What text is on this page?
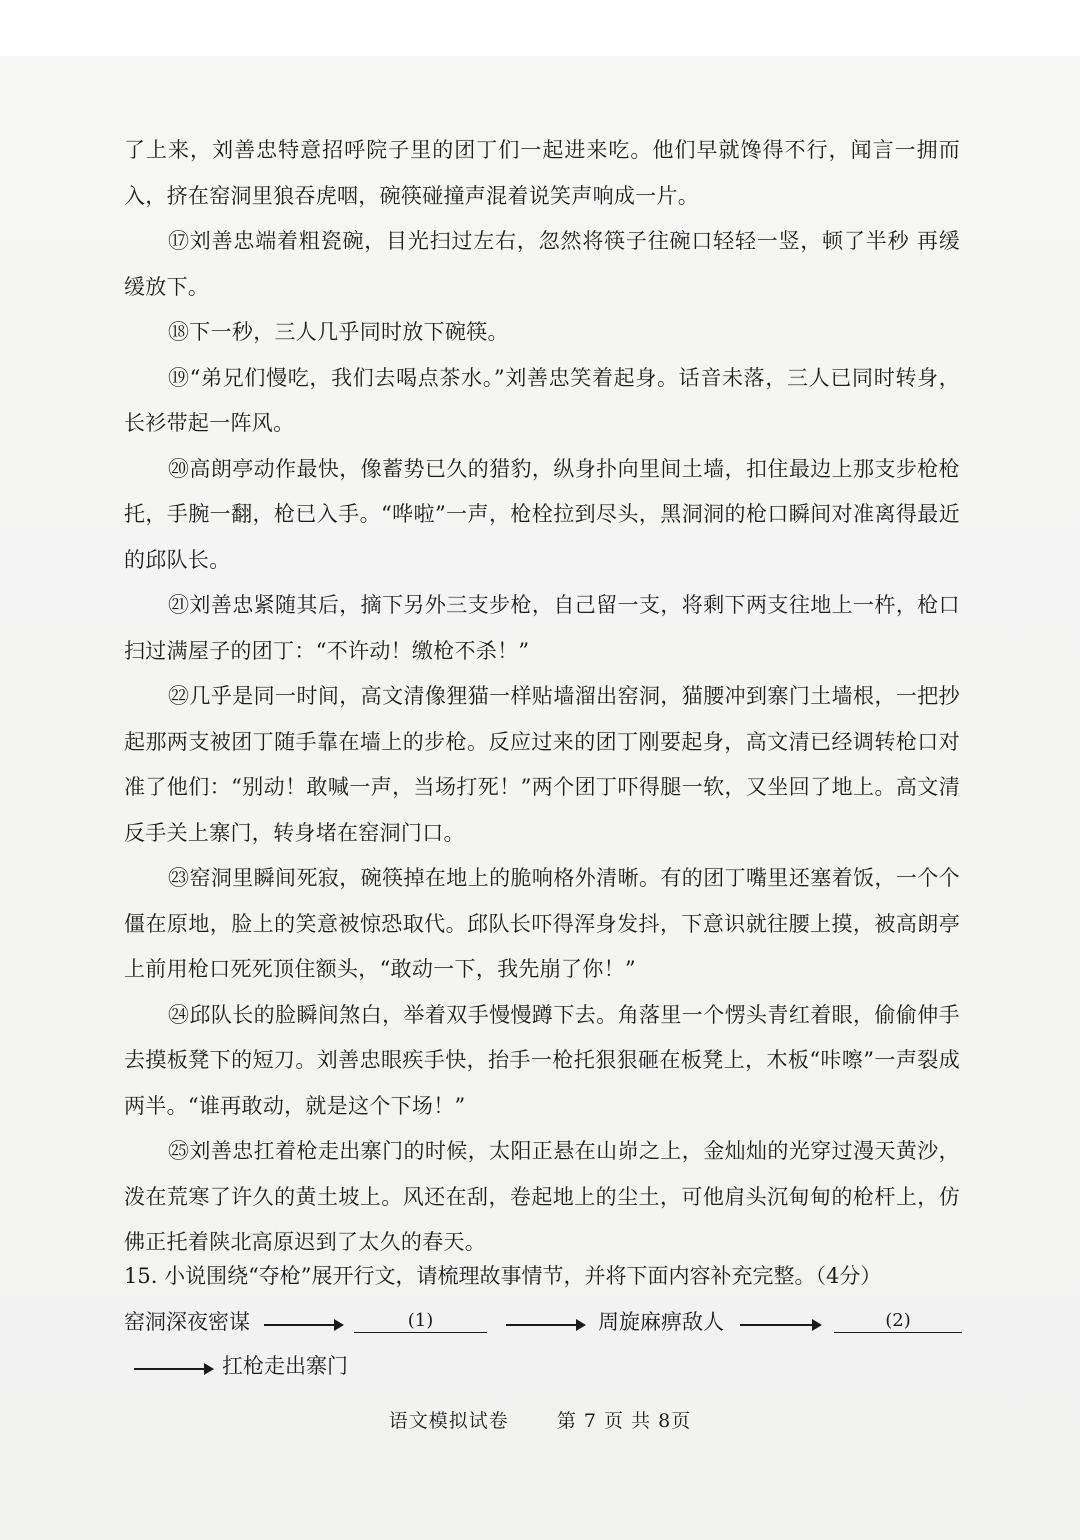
了上来，刘善忠特意招呼院子里的团丁们一起进来吃。他们早就馋得不行，闻言一拥而入，挤在窑洞里狼吞虎咽，碗筷碰撞声混着说笑声响成一片。

⑰刘善忠端着粗瓷碗，目光扫过左右，忽然将筷子往碗口轻轻一竖，顿了半秒 再缓缓放下。

⑱下一秒，三人几乎同时放下碗筷。

⑲“弟兄们慢吃，我们去喝点茶水。”刘善忠笑着起身。话音未落，三人已同时转身，长衫带起一阵风。

⑳高朗亭动作最快，像蓄势已久的猎豹，纵身扑向里间土墙，扣住最边上那支步枪枪托，手腕一翻，枪已入手。“哗啦”一声，枪栓拉到尽头，黑洞洞的枪口瞬间对准离得最近的邱队长。

㉑刘善忠紧随其后，摘下另外三支步枪，自己留一支，将剩下两支往地上一杵，枪口扫过满屋子的团丁：“不许动！缴枪不杀！”

㉒几乎是同一时间，高文清像狸猫一样贴墙溜出窑洞，猫腰冲到寨门土墙根，一把抄起那两支被团丁随手靠在墙上的步枪。反应过来的团丁刚要起身，高文清已经调转枪口对准了他们：“别动！敢喊一声，当场打死！”两个团丁吓得腿一软，又坐回了地上。高文清反手关上寨门，转身堵在窑洞门口。

㉓窑洞里瞬间死寂，碗筷掉在地上的脆响格外清晰。有的团丁嘴里还塞着饭，一个个僵在原地，脸上的笑意被惊恐取代。邱队长吓得浑身发抖，下意识就往腰上摸，被高朗亭上前用枪口死死顶住额头，“敢动一下，我先崩了你！”

㉔邱队长的脸瞬间煞白，举着双手慢慢蹲下去。角落里一个愣头青红着眼，偷偷伸手去摸板凳下的短刀。刘善忠眼疾手快，抬手一枪托狠狠砸在板凳上，木板“咔嚓”一声裂成两半。“谁再敢动，就是这个下场！”

㉕刘善忠扛着枪走出寨门的时候，太阳正悬在山峁之上，金灿灿的光穿过漫天黄沙，泼在荒寒了许久的黄土坡上。风还在刮，卷起地上的尘土，可他肩头沉甸甸的枪杆上，仿佛正托着陕北高原迟到了太久的春天。

15. 小说围绕“夺枪”展开行文，请梳理故事情节，并将下面内容补充完整。（4分）
窑洞深夜密谋	(1)	周旋麻痹敌人	(2)
扛枪走出寨门
语文模拟试卷	第 7 页 共 8页
